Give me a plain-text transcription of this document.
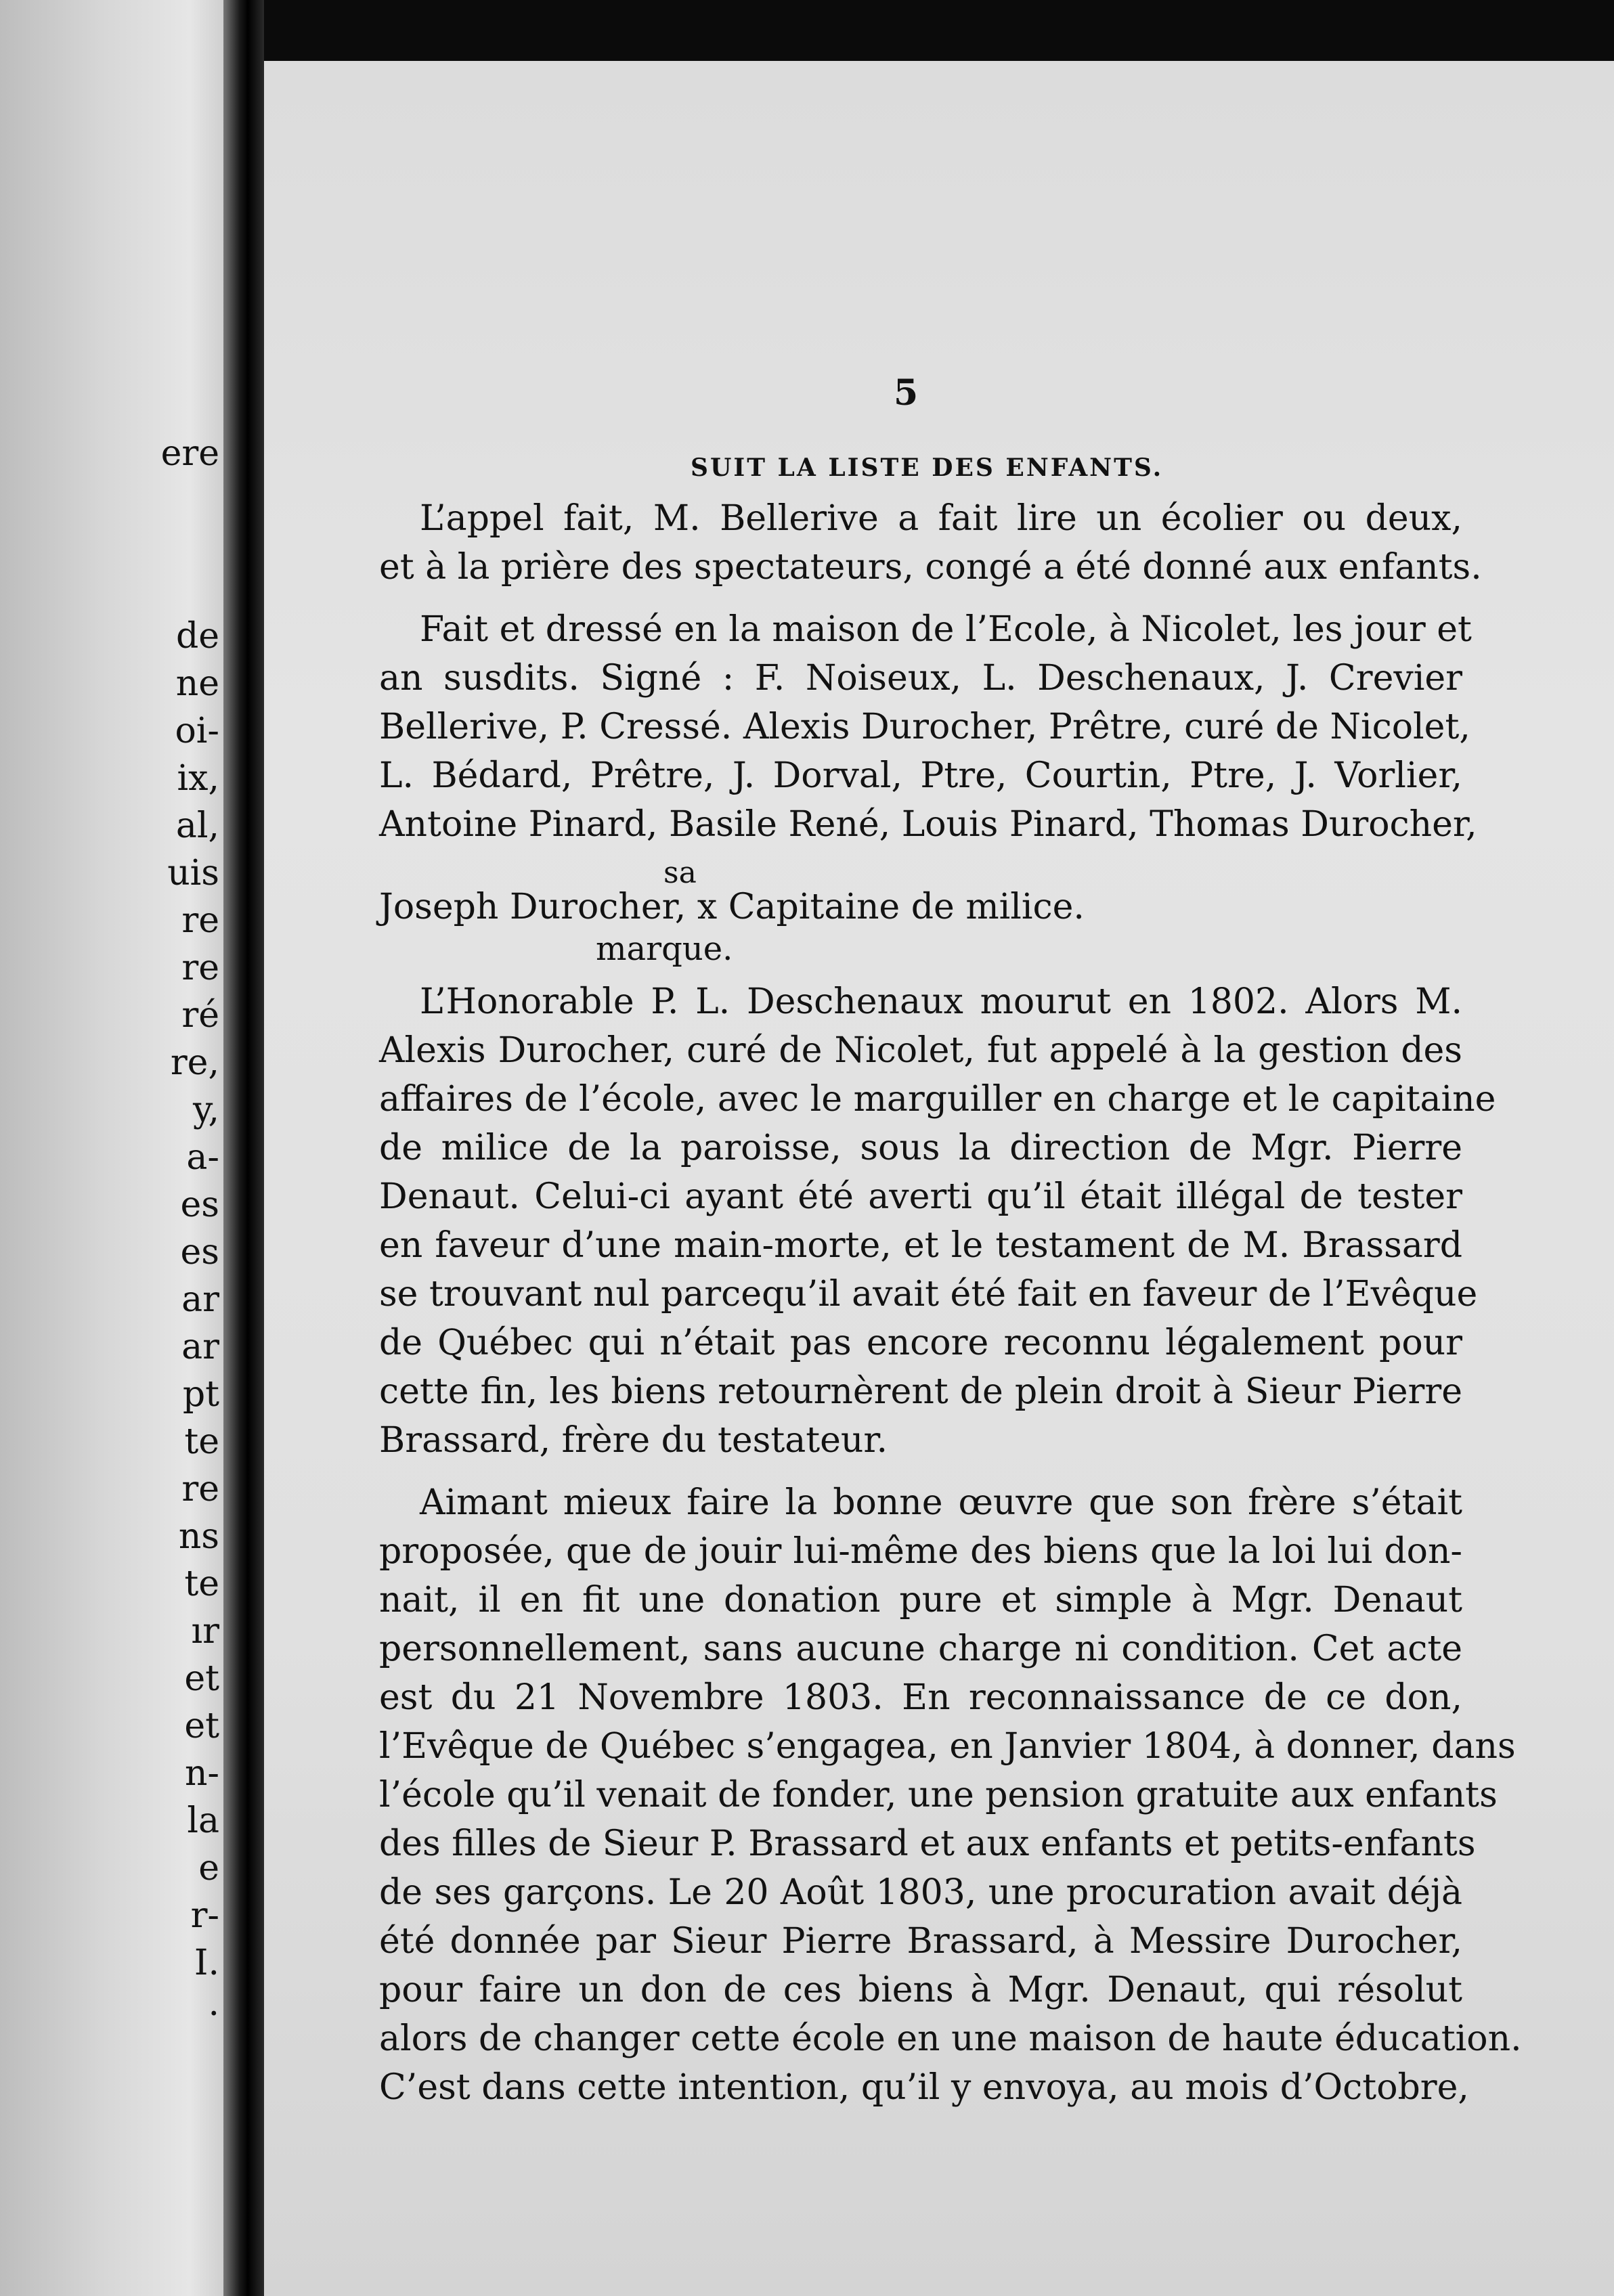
ere
de
ne
oi-
ix,
al,
uis
re
re
ré
re,
y,
a-
es
es
ar
ar
pt
te
re
ns
te
ır
et
et
n-
la
e
r-
I.
.
5
SUIT LA LISTE DES ENFANTS.
L’appel fait, M. Bellerive a fait lire un écolier ou deux,
et à la prière des spectateurs, congé a été donné aux enfants.
Fait et dressé en la maison de l’Ecole, à Nicolet, les jour et
an susdits. Signé : F. Noiseux, L. Deschenaux, J. Crevier
Bellerive, P. Cressé. Alexis Durocher, Prêtre, curé de Nicolet,
L. Bédard, Prêtre, J. Dorval, Ptre, Courtin, Ptre, J. Vorlier,
Antoine Pinard, Basile René, Louis Pinard, Thomas Durocher,
sa
Joseph Durocher, x Capitaine de milice.
marque.
L’Honorable P. L. Deschenaux mourut en 1802. Alors M.
Alexis Durocher, curé de Nicolet, fut appelé à la gestion des
affaires de l’école, avec le marguiller en charge et le capitaine
de milice de la paroisse, sous la direction de Mgr. Pierre
Denaut. Celui-ci ayant été averti qu’il était illégal de tester
en faveur d’une main-morte, et le testament de M. Brassard
se trouvant nul parcequ’il avait été fait en faveur de l’Evêque
de Québec qui n’était pas encore reconnu légalement pour
cette fin, les biens retournèrent de plein droit à Sieur Pierre
Brassard, frère du testateur.
Aimant mieux faire la bonne œuvre que son frère s’était
proposée, que de jouir lui-même des biens que la loi lui don-
nait, il en fit une donation pure et simple à Mgr. Denaut
personnellement, sans aucune charge ni condition. Cet acte
est du 21 Novembre 1803. En reconnaissance de ce don,
l’Evêque de Québec s’engagea, en Janvier 1804, à donner, dans
l’école qu’il venait de fonder, une pension gratuite aux enfants
des filles de Sieur P. Brassard et aux enfants et petits-enfants
de ses garçons. Le 20 Août 1803, une procuration avait déjà
été donnée par Sieur Pierre Brassard, à Messire Durocher,
pour faire un don de ces biens à Mgr. Denaut, qui résolut
alors de changer cette école en une maison de haute éducation.
C’est dans cette intention, qu’il y envoya, au mois d’Octobre,
